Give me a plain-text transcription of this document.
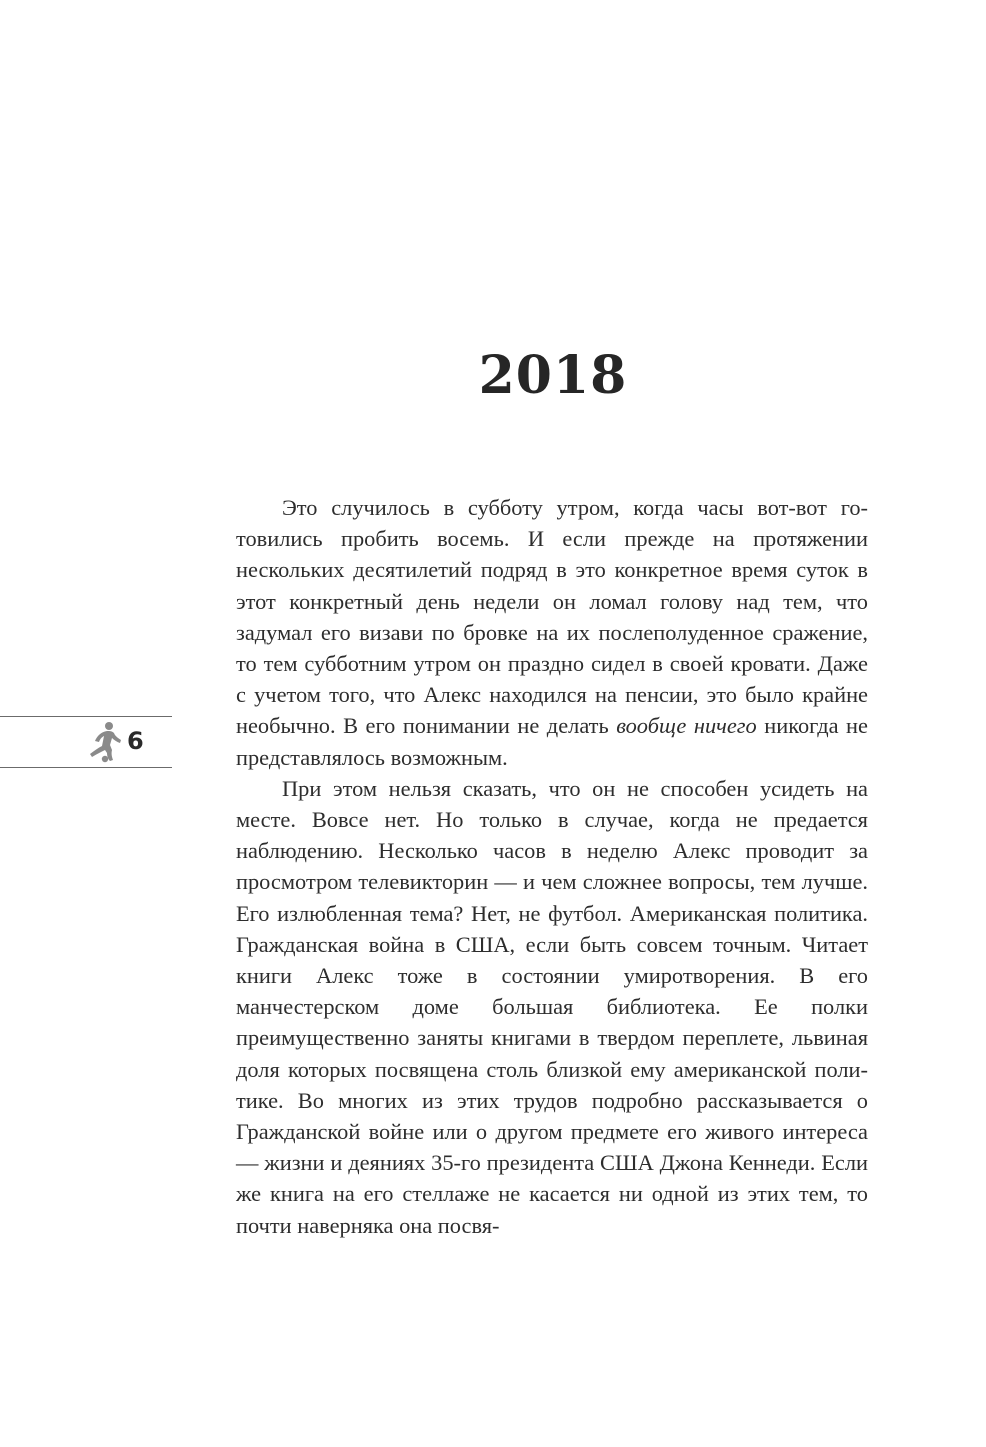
2018
6

Это случилось в субботу утром, когда часы вот-вот готовились пробить восемь. И если прежде на протяжении нескольких десятилетий подряд в это конкретное время суток в этот конкретный день недели он ломал голову над тем, что задумал его визави по бровке на их послеполуденное сражение, то тем субботним утром он праздно сидел в своей кровати. Даже с учетом того, что Алекс находился на пенсии, это было крайне необычно. В его понимании не делать вообще ничего никогда не представлялось возможным.

При этом нельзя сказать, что он не способен усидеть на месте. Вовсе нет. Но только в случае, когда не предается наблюдению. Несколько часов в неделю Алекс проводит за просмотром телевикторин — и чем сложнее вопросы, тем лучше. Его излюбленная тема? Нет, не футбол. Американская политика. Гражданская война в США, если быть совсем точным. Читает книги Алекс тоже в состоянии умиротворения. В его манчестерском доме большая библиотека. Ее полки преимущественно заняты книгами в твердом переплете, львиная доля которых посвящена столь близкой ему американской политике. Во многих из этих трудов подробно рассказывается о Гражданской войне или о другом предмете его живого интереса — жизни и деяниях 35-го президента США Джона Кеннеди. Если же книга на его стеллаже не касается ни одной из этих тем, то почти наверняка она посвя-
